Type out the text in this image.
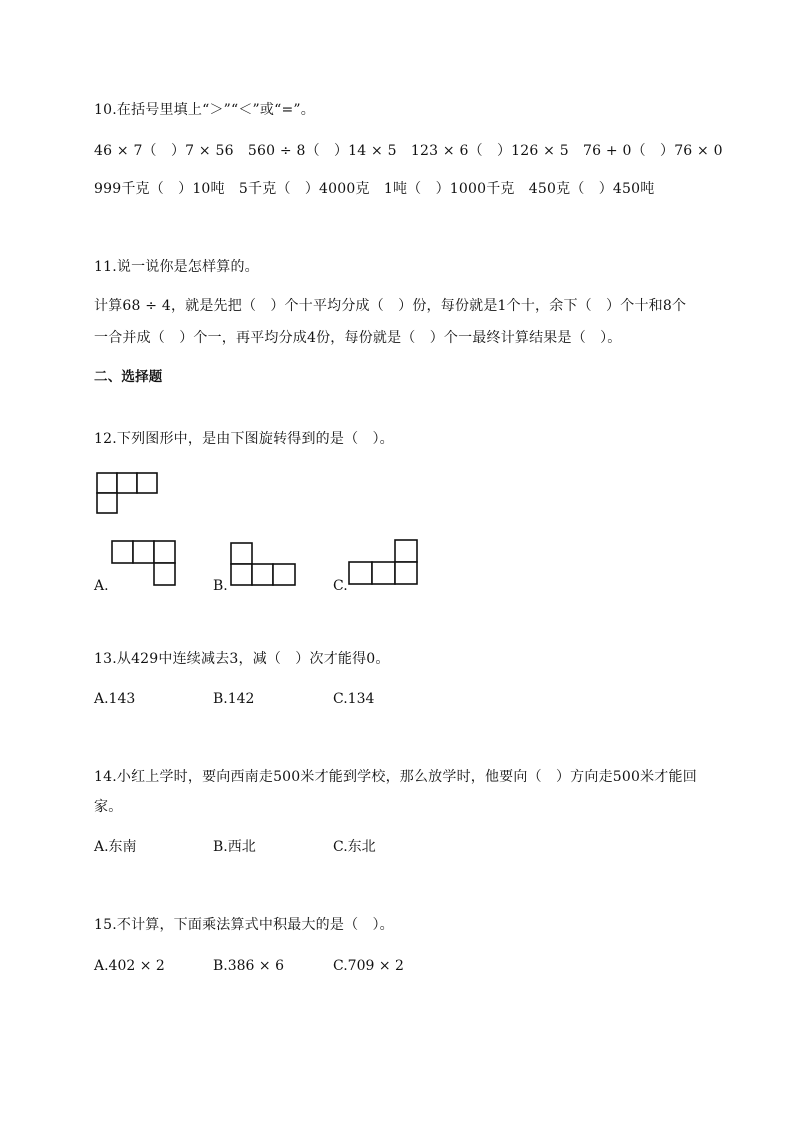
10.在括号里填上“＞”“＜”或“=”。
46 × 7（　）7 × 56　560 ÷ 8（　）14 × 5　123 × 6（　）126 × 5　76 + 0（　）76 × 0
999千克（　）10吨　5千克（　）4000克　1吨（　）1000千克　450克（　）450吨
11.说一说你是怎样算的。
计算68 ÷ 4，就是先把（　）个十平均分成（　）份，每份就是1个十，余下（　）个十和8个
一合并成（　）个一，再平均分成4份，每份就是（　）个一最终计算结果是（　）。
二、选择题
12.下列图形中，是由下图旋转得到的是（　）。
A.	B.	C.
13.从429中连续减去3，减（　）次才能得0。
A.143	B.142	C.134
14.小红上学时，要向西南走500米才能到学校，那么放学时，他要向（　）方向走500米才能回
家。
A.东南	B.西北	C.东北
15.不计算，下面乘法算式中积最大的是（　）。
A.402 × 2	B.386 × 6	C.709 × 2
